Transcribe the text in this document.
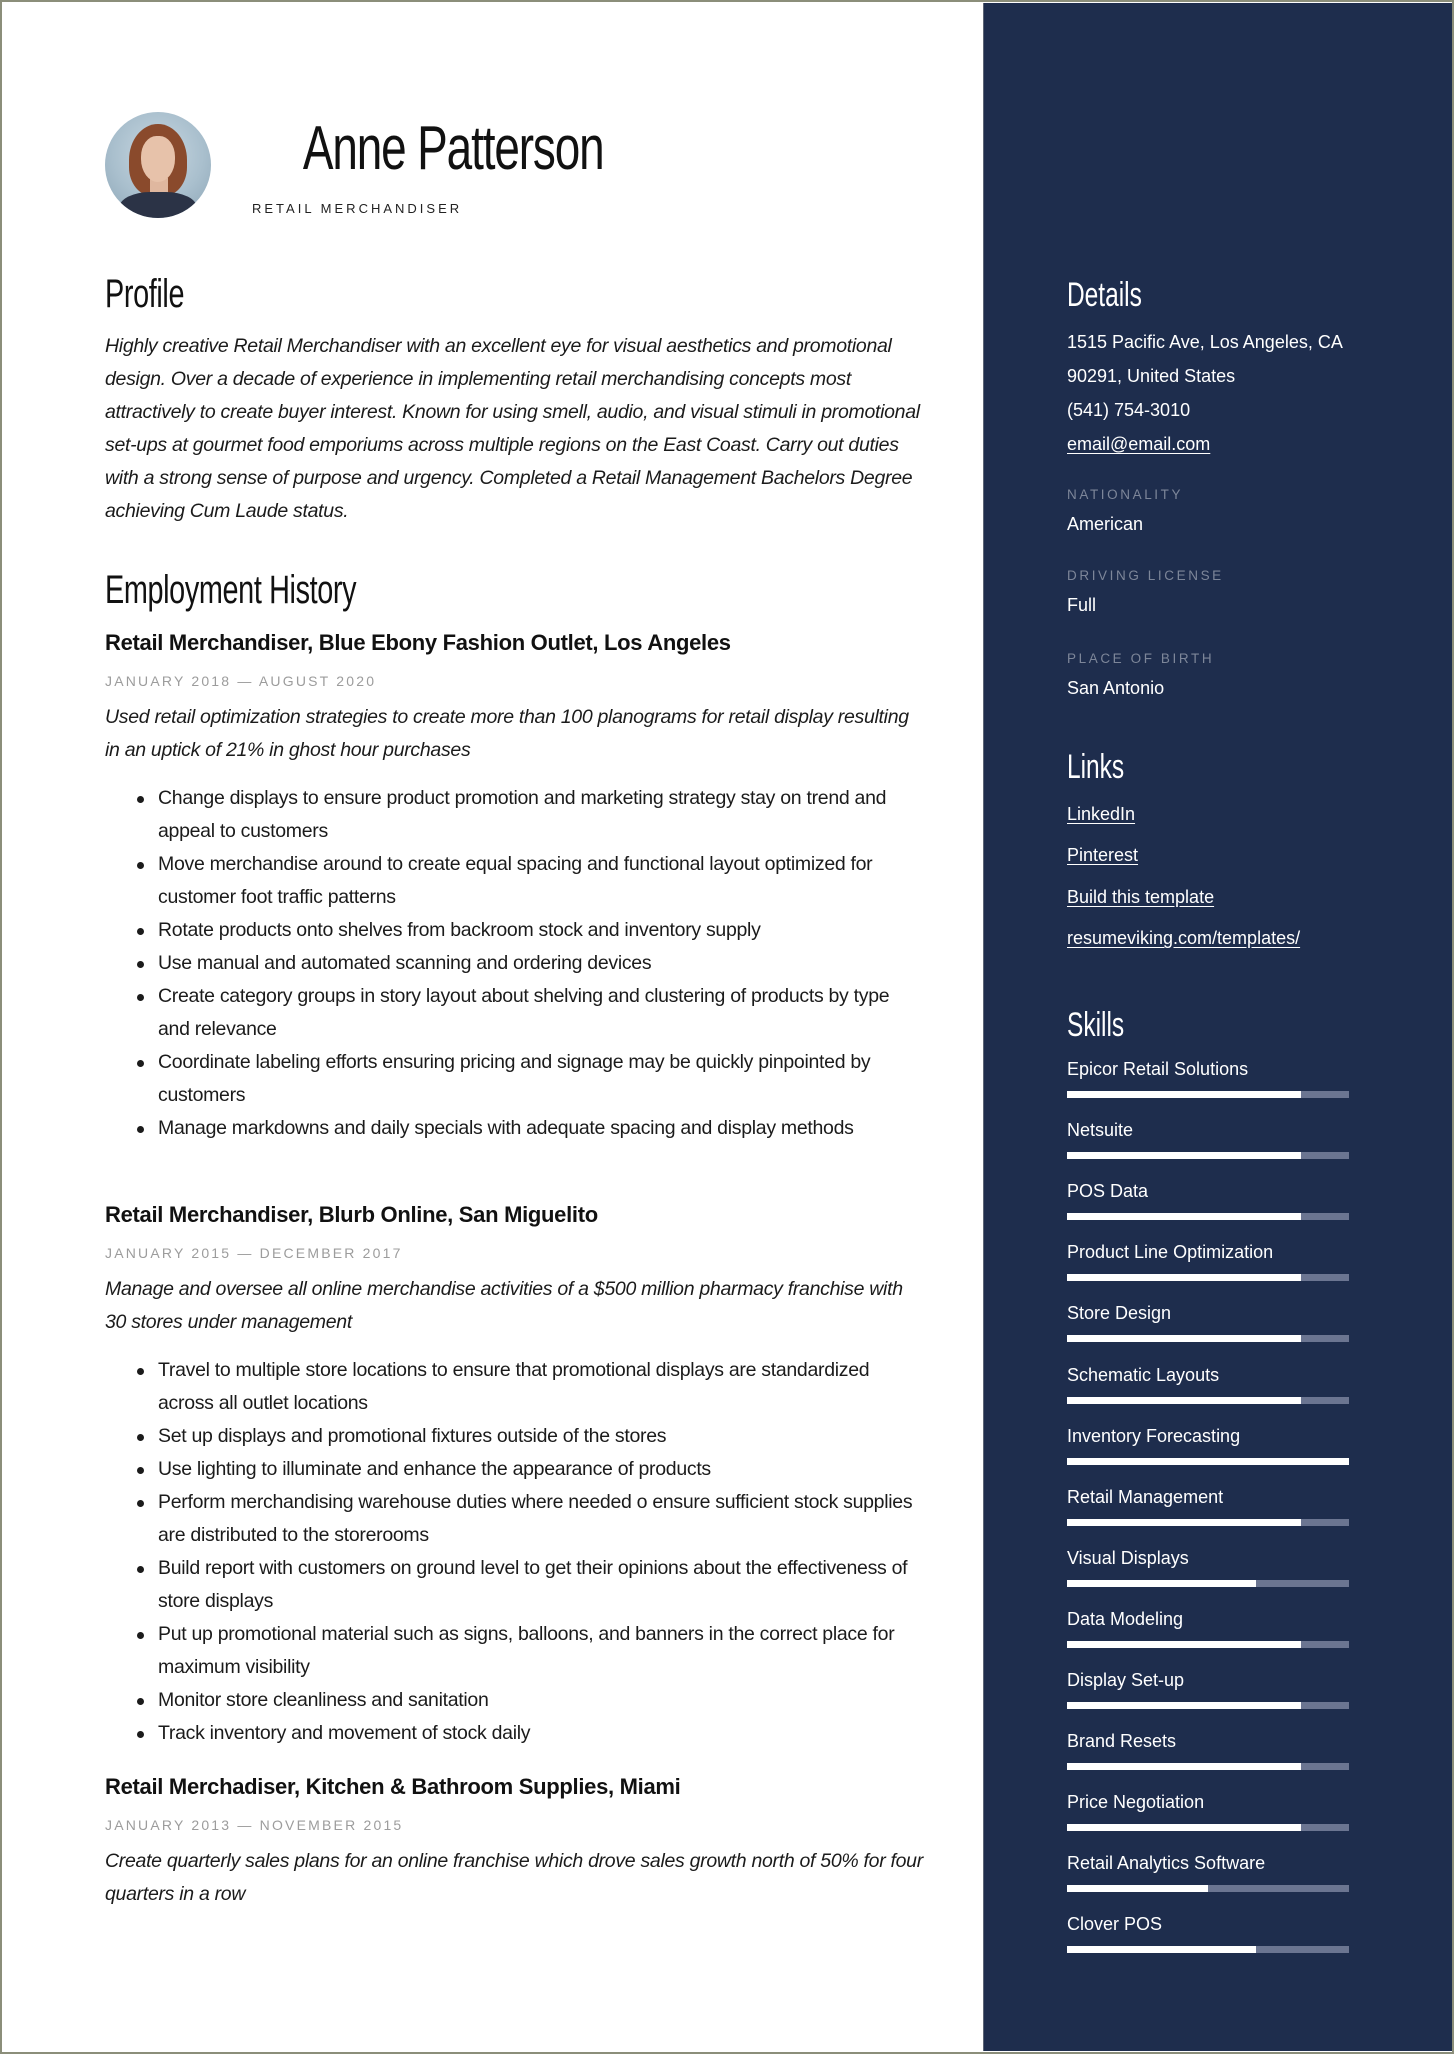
Anne Patterson
RETAIL MERCHANDISER
Profile
Highly creative Retail Merchandiser with an excellent eye for visual aesthetics and promotional design. Over a decade of experience in implementing retail merchandising concepts most attractively to create buyer interest. Known for using smell, audio, and visual stimuli in promotional set-ups at gourmet food emporiums across multiple regions on the East Coast. Carry out duties with a strong sense of purpose and urgency. Completed a Retail Management Bachelors Degree achieving Cum Laude status.
Employment History
Retail Merchandiser, Blue Ebony Fashion Outlet, Los Angeles
JANUARY 2018 — AUGUST 2020
Used retail optimization strategies to create more than 100 planograms for retail display resulting in an uptick of 21% in ghost hour purchases
Change displays to ensure product promotion and marketing strategy stay on trend and appeal to customers
Move merchandise around to create equal spacing and functional layout optimized for customer foot traffic patterns
Rotate products onto shelves from backroom stock and inventory supply
Use manual and automated scanning and ordering devices
Create category groups in story layout about shelving and clustering of products by type and relevance
Coordinate labeling efforts ensuring pricing and signage may be quickly pinpointed by customers
Manage markdowns and daily specials with adequate spacing and display methods
Retail Merchandiser, Blurb Online, San Miguelito
JANUARY 2015 — DECEMBER 2017
Manage and oversee all online merchandise activities of a $500 million pharmacy franchise with 30 stores under management
Travel to multiple store locations to ensure that promotional displays are standardized across all outlet locations
Set up displays and promotional fixtures outside of the stores
Use lighting to illuminate and enhance the appearance of products
Perform merchandising warehouse duties where needed o ensure sufficient stock supplies are distributed to the storerooms
Build report with customers on ground level to get their opinions about the effectiveness of store displays
Put up promotional material such as signs, balloons, and banners in the correct place for maximum visibility
Monitor store cleanliness and sanitation
Track inventory and movement of stock daily
Retail Merchadiser, Kitchen & Bathroom Supplies, Miami
JANUARY 2013 — NOVEMBER 2015
Create quarterly sales plans for an online franchise which drove sales growth north of 50% for four quarters in a row
Details
1515 Pacific Ave, Los Angeles, CA
90291, United States
(541) 754-3010
email@email.com
NATIONALITY
American
DRIVING LICENSE
Full
PLACE OF BIRTH
San Antonio
Links
LinkedIn
Pinterest
Build this template
resumeviking.com/templates/
Skills
Epicor Retail Solutions
Netsuite
POS Data
Product Line Optimization
Store Design
Schematic Layouts
Inventory Forecasting
Retail Management
Visual Displays
Data Modeling
Display Set-up
Brand Resets
Price Negotiation
Retail Analytics Software
Clover POS
